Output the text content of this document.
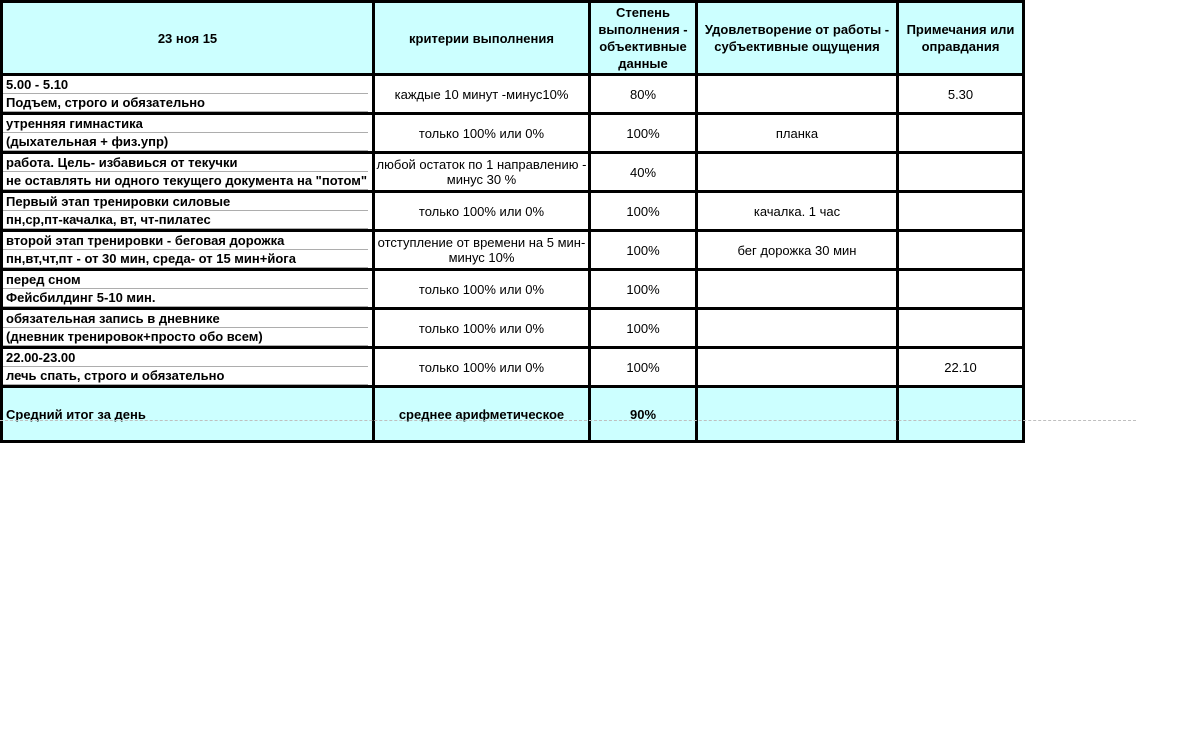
23 ноя 15	критерии выполнения	Степень выполнения - объективные данные	Удовлетворение от работы - субъективные ощущения	Примечания или оправдания

5.00 - 5.10
Подъем, строго и обязательно	каждые 10 минут -минус10%	80%		5.30

утренняя гимнастика
(дыхательная + физ.упр)	только 100% или 0%	100%	планка	

работа. Цель- избавиься от текучки
не оставлять ни одного текущего документа на "потом"	любой остаток по 1 направлению - минус 30 %	40%		

Первый этап тренировки силовые
пн,ср,пт-качалка, вт, чт-пилатес	только 100% или 0%	100%	качалка. 1 час	

второй этап тренировки - беговая дорожка
пн,вт,чт,пт - от 30 мин, среда- от 15 мин+йога	отступление от времени на 5 мин- минус 10%	100%	бег дорожка 30 мин	

перед сном
Фейсбилдинг 5-10 мин.	только 100% или 0%	100%		

обязательная запись в дневнике
(дневник тренировок+просто обо всем)	только 100% или 0%	100%		

22.00-23.00
лечь спать, строго и обязательно	только 100% или 0%	100%		22.10
Средний итог за день	среднее арифметическое	90%		
